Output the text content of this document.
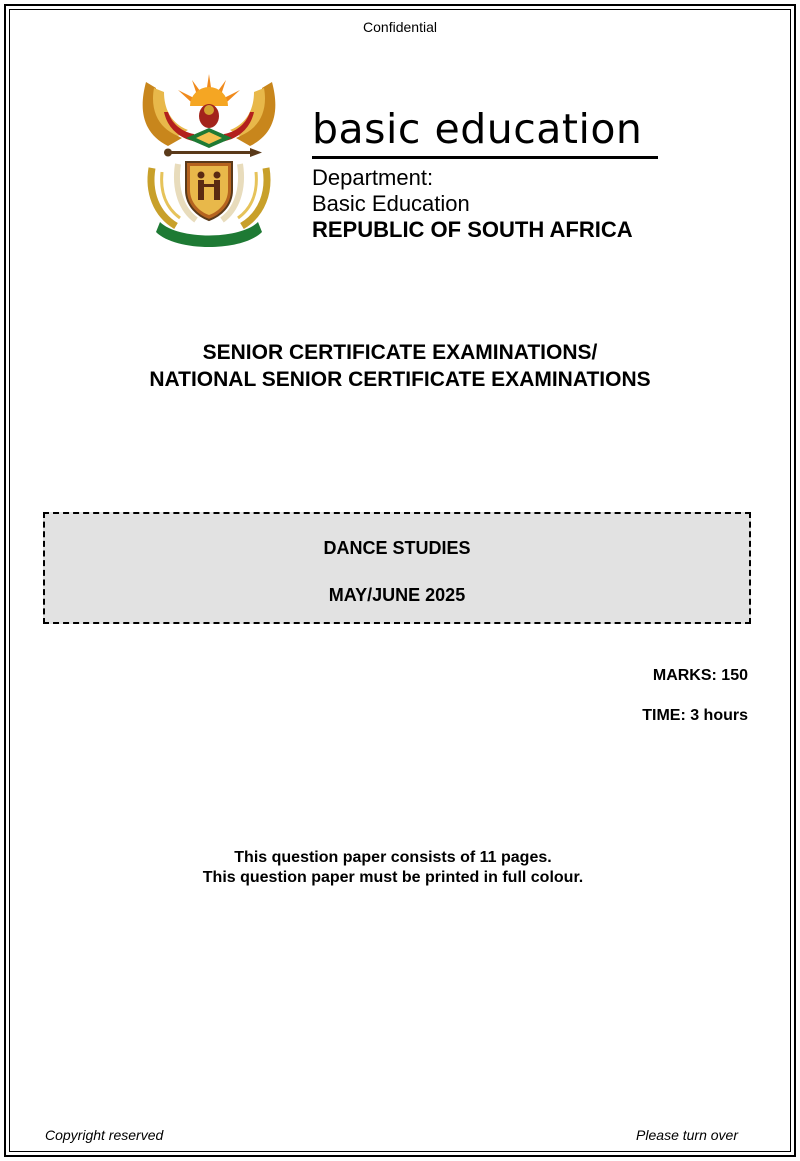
Confidential
basic education
Department:
Basic Education
REPUBLIC OF SOUTH AFRICA
SENIOR CERTIFICATE EXAMINATIONS/
NATIONAL SENIOR CERTIFICATE EXAMINATIONS
DANCE STUDIES
MAY/JUNE 2025
MARKS: 150
TIME: 3 hours
This question paper consists of 11 pages.
This question paper must be printed in full colour.
Copyright reserved	Please turn over
